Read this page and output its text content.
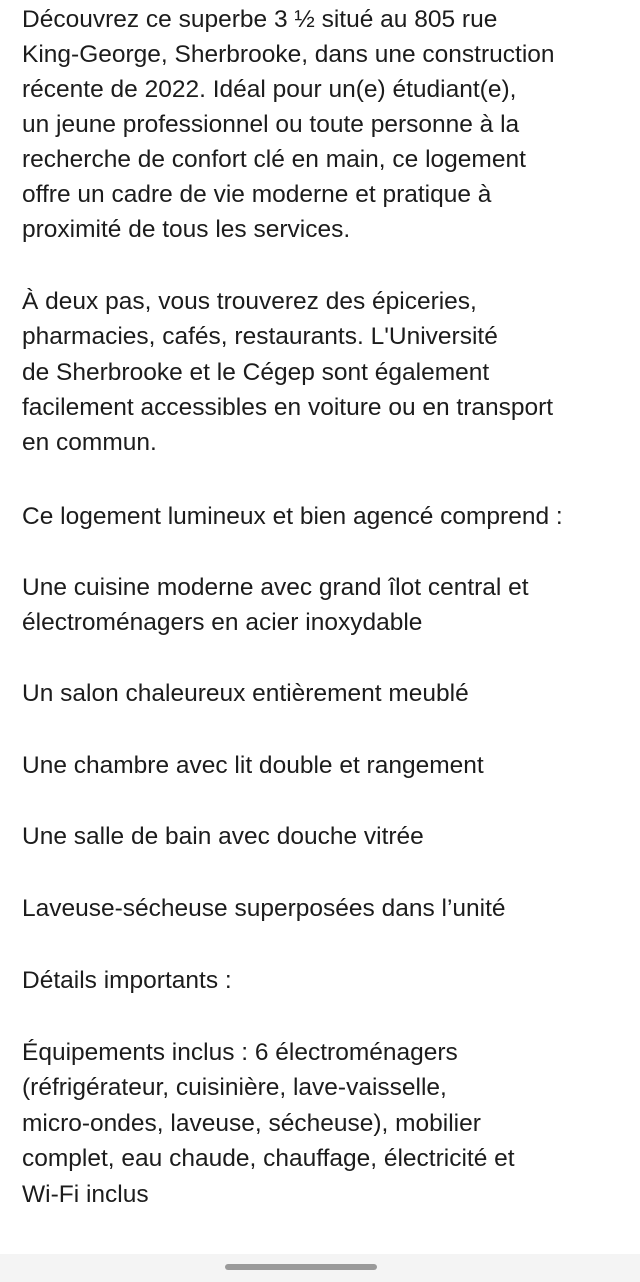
Découvrez ce superbe 3 ½ situé au 805 rue
King-George, Sherbrooke, dans une construction
récente de 2022. Idéal pour un(e) étudiant(e),
un jeune professionnel ou toute personne à la
recherche de confort clé en main, ce logement
offre un cadre de vie moderne et pratique à
proximité de tous les services.
À deux pas, vous trouverez des épiceries,
pharmacies, cafés, restaurants. L'Université
de Sherbrooke et le Cégep sont également
facilement accessibles en voiture ou en transport
en commun.
Ce logement lumineux et bien agencé comprend :
Une cuisine moderne avec grand îlot central et
électroménagers en acier inoxydable
Un salon chaleureux entièrement meublé
Une chambre avec lit double et rangement
Une salle de bain avec douche vitrée
Laveuse-sécheuse superposées dans l’unité
Détails importants :
Équipements inclus : 6 électroménagers
(réfrigérateur, cuisinière, lave-vaisselle,
micro-ondes, laveuse, sécheuse), mobilier
complet, eau chaude, chauffage, électricité et
Wi-Fi inclus
